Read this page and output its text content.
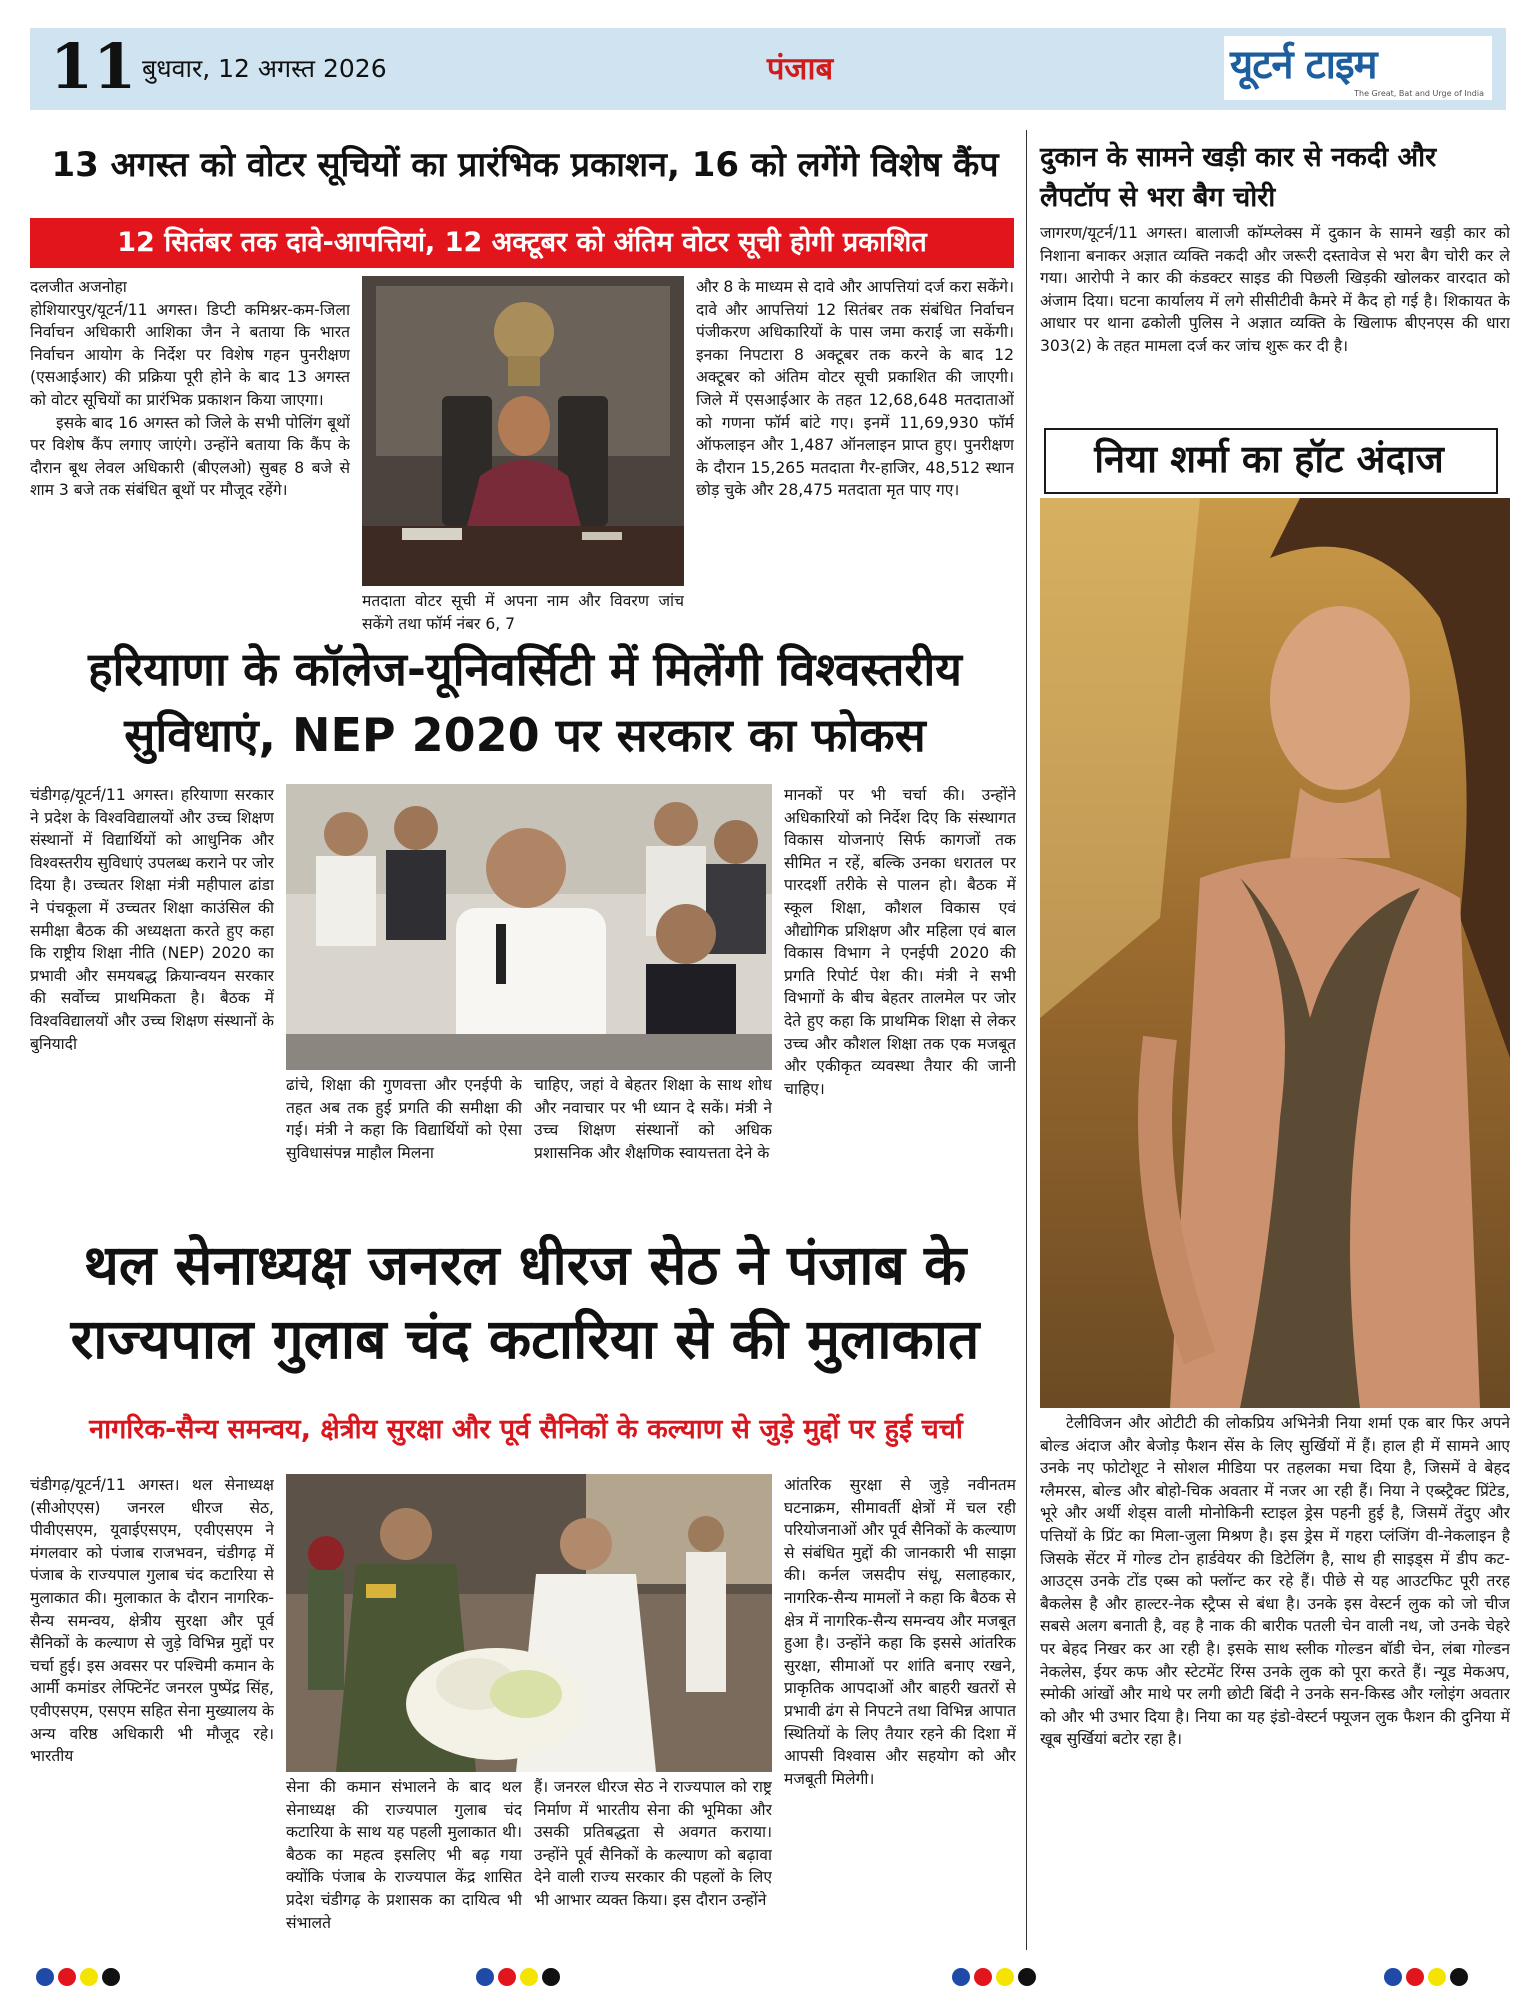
11 बुधवार, 12 अगस्त 2026	पंजाब	यूटर्न टाइम
The Great, Bat and Urge of India
13 अगस्त को वोटर सूचियों का प्रारंभिक प्रकाशन, 16 को लगेंगे विशेष कैंप
12 सितंबर तक दावे-आपत्तियां, 12 अक्टूबर को अंतिम वोटर सूची होगी प्रकाशित

दलजीत अजनोहा

होशियारपुर/यूटर्न/11 अगस्त। डिप्टी कमिश्नर-कम-जिला निर्वाचन अधिकारी आशिका जैन ने बताया कि भारत निर्वाचन आयोग के निर्देश पर विशेष गहन पुनरीक्षण (एसआईआर) की प्रक्रिया पूरी होने के बाद 13 अगस्त को वोटर सूचियों का प्रारंभिक प्रकाशन किया जाएगा।

इसके बाद 16 अगस्त को जिले के सभी पोलिंग बूथों पर विशेष कैंप लगाए जाएंगे। उन्होंने बताया कि कैंप के दौरान बूथ लेवल अधिकारी (बीएलओ) सुबह 8 बजे से शाम 3 बजे तक संबंधित बूथों पर मौजूद रहेंगे।

मतदाता वोटर सूची में अपना नाम और विवरण जांच सकेंगे तथा फॉर्म नंबर 6, 7

और 8 के माध्यम से दावे और आपत्तियां दर्ज करा सकेंगे। दावे और आपत्तियां 12 सितंबर तक संबंधित निर्वाचन पंजीकरण अधिकारियों के पास जमा कराई जा सकेंगी। इनका निपटारा 8 अक्टूबर तक करने के बाद 12 अक्टूबर को अंतिम वोटर सूची प्रकाशित की जाएगी। जिले में एसआईआर के तहत 12,68,648 मतदाताओं को गणना फॉर्म बांटे गए। इनमें 11,69,930 फॉर्म ऑफलाइन और 1,487 ऑनलाइन प्राप्त हुए। पुनरीक्षण के दौरान 15,265 मतदाता गैर-हाजिर, 48,512 स्थान छोड़ चुके और 28,475 मतदाता मृत पाए गए।

हरियाणा के कॉलेज-यूनिवर्सिटी में मिलेंगी विश्वस्तरीय
सुविधाएं, NEP 2020 पर सरकार का फोकस

चंडीगढ़/यूटर्न/11 अगस्त। हरियाणा सरकार ने प्रदेश के विश्वविद्यालयों और उच्च शिक्षण संस्थानों में विद्यार्थियों को आधुनिक और विश्वस्तरीय सुविधाएं उपलब्ध कराने पर जोर दिया है। उच्चतर शिक्षा मंत्री महीपाल ढांडा ने पंचकूला में उच्चतर शिक्षा काउंसिल की समीक्षा बैठक की अध्यक्षता करते हुए कहा कि राष्ट्रीय शिक्षा नीति (NEP) 2020 का प्रभावी और समयबद्ध क्रियान्वयन सरकार की सर्वोच्च प्राथमिकता है। बैठक में विश्वविद्यालयों और उच्च शिक्षण संस्थानों के बुनियादी

ढांचे, शिक्षा की गुणवत्ता और एनईपी के तहत अब तक हुई प्रगति की समीक्षा की गई। मंत्री ने कहा कि विद्यार्थियों को ऐसा सुविधासंपन्न माहौल मिलना

चाहिए, जहां वे बेहतर शिक्षा के साथ शोध और नवाचार पर भी ध्यान दे सकें। मंत्री ने उच्च शिक्षण संस्थानों को अधिक प्रशासनिक और शैक्षणिक स्वायत्तता देने के

मानकों पर भी चर्चा की। उन्होंने अधिकारियों को निर्देश दिए कि संस्थागत विकास योजनाएं सिर्फ कागजों तक सीमित न रहें, बल्कि उनका धरातल पर पारदर्शी तरीके से पालन हो। बैठक में स्कूल शिक्षा, कौशल विकास एवं औद्योगिक प्रशिक्षण और महिला एवं बाल विकास विभाग ने एनईपी 2020 की प्रगति रिपोर्ट पेश की। मंत्री ने सभी विभागों के बीच बेहतर तालमेल पर जोर देते हुए कहा कि प्राथमिक शिक्षा से लेकर उच्च और कौशल शिक्षा तक एक मजबूत और एकीकृत व्यवस्था तैयार की जानी चाहिए।

थल सेनाध्यक्ष जनरल धीरज सेठ ने पंजाब के
राज्यपाल गुलाब चंद कटारिया से की मुलाकात
नागरिक-सैन्य समन्वय, क्षेत्रीय सुरक्षा और पूर्व सैनिकों के कल्याण से जुड़े मुद्दों पर हुई चर्चा

चंडीगढ़/यूटर्न/11 अगस्त। थल सेनाध्यक्ष (सीओएएस) जनरल धीरज सेठ, पीवीएसएम, यूवाईएसएम, एवीएसएम ने मंगलवार को पंजाब राजभवन, चंडीगढ़ में पंजाब के राज्यपाल गुलाब चंद कटारिया से मुलाकात की। मुलाकात के दौरान नागरिक-सैन्य समन्वय, क्षेत्रीय सुरक्षा और पूर्व सैनिकों के कल्याण से जुड़े विभिन्न मुद्दों पर चर्चा हुई। इस अवसर पर पश्चिमी कमान के आर्मी कमांडर लेफ्टिनेंट जनरल पुष्पेंद्र सिंह, एवीएसएम, एसएम सहित सेना मुख्यालय के अन्य वरिष्ठ अधिकारी भी मौजूद रहे। भारतीय

सेना की कमान संभालने के बाद थल सेनाध्यक्ष की राज्यपाल गुलाब चंद कटारिया के साथ यह पहली मुलाकात थी। बैठक का महत्व इसलिए भी बढ़ गया क्योंकि पंजाब के राज्यपाल केंद्र शासित प्रदेश चंडीगढ़ के प्रशासक का दायित्व भी संभालते

हैं। जनरल धीरज सेठ ने राज्यपाल को राष्ट्र निर्माण में भारतीय सेना की भूमिका और उसकी प्रतिबद्धता से अवगत कराया। उन्होंने पूर्व सैनिकों के कल्याण को बढ़ावा देने वाली राज्य सरकार की पहलों के लिए भी आभार व्यक्त किया। इस दौरान उन्होंने

आंतरिक सुरक्षा से जुड़े नवीनतम घटनाक्रम, सीमावर्ती क्षेत्रों में चल रही परियोजनाओं और पूर्व सैनिकों के कल्याण से संबंधित मुद्दों की जानकारी भी साझा की। कर्नल जसदीप संधू, सलाहकार, नागरिक-सैन्य मामलों ने कहा कि बैठक से क्षेत्र में नागरिक-सैन्य समन्वय और मजबूत हुआ है। उन्होंने कहा कि इससे आंतरिक सुरक्षा, सीमाओं पर शांति बनाए रखने, प्राकृतिक आपदाओं और बाहरी खतरों से प्रभावी ढंग से निपटने तथा विभिन्न आपात स्थितियों के लिए तैयार रहने की दिशा में आपसी विश्वास और सहयोग को और मजबूती मिलेगी।

दुकान के सामने खड़ी कार से नकदी और लैपटॉप से भरा बैग चोरी

जागरण/यूटर्न/11 अगस्त। बालाजी कॉम्प्लेक्स में दुकान के सामने खड़ी कार को निशाना बनाकर अज्ञात व्यक्ति नकदी और जरूरी दस्तावेज से भरा बैग चोरी कर ले गया। आरोपी ने कार की कंडक्टर साइड की पिछली खिड़की खोलकर वारदात को अंजाम दिया। घटना कार्यालय में लगे सीसीटीवी कैमरे में कैद हो गई है। शिकायत के आधार पर थाना ढकोली पुलिस ने अज्ञात व्यक्ति के खिलाफ बीएनएस की धारा 303(2) के तहत मामला दर्ज कर जांच शुरू कर दी है।

निया शर्मा का हॉट अंदाज

टेलीविजन और ओटीटी की लोकप्रिय अभिनेत्री निया शर्मा एक बार फिर अपने बोल्ड अंदाज और बेजोड़ फैशन सेंस के लिए सुर्खियों में हैं। हाल ही में सामने आए उनके नए फोटोशूट ने सोशल मीडिया पर तहलका मचा दिया है, जिसमें वे बेहद ग्लैमरस, बोल्ड और बोहो-चिक अवतार में नजर आ रही हैं। निया ने एब्स्ट्रैक्ट प्रिंटेड, भूरे और अर्थी शेड्स वाली मोनोकिनी स्टाइल ड्रेस पहनी हुई है, जिसमें तेंदुए और पत्तियों के प्रिंट का मिला-जुला मिश्रण है। इस ड्रेस में गहरा प्लंजिंग वी-नेकलाइन है जिसके सेंटर में गोल्ड टोन हार्डवेयर की डिटेलिंग है, साथ ही साइड्स में डीप कट-आउट्स उनके टोंड एब्स को फ्लॉन्ट कर रहे हैं। पीछे से यह आउटफिट पूरी तरह बैकलेस है और हाल्टर-नेक स्ट्रैप्स से बंधा है। उनके इस वेस्टर्न लुक को जो चीज सबसे अलग बनाती है, वह है नाक की बारीक पतली चेन वाली नथ, जो उनके चेहरे पर बेहद निखर कर आ रही है। इसके साथ स्लीक गोल्डन बॉडी चेन, लंबा गोल्डन नेकलेस, ईयर कफ और स्टेटमेंट रिंग्स उनके लुक को पूरा करते हैं। न्यूड मेकअप, स्मोकी आंखों और माथे पर लगी छोटी बिंदी ने उनके सन-किस्ड और ग्लोइंग अवतार को और भी उभार दिया है। निया का यह इंडो-वेस्टर्न फ्यूजन लुक फैशन की दुनिया में खूब सुर्खियां बटोर रहा है।
